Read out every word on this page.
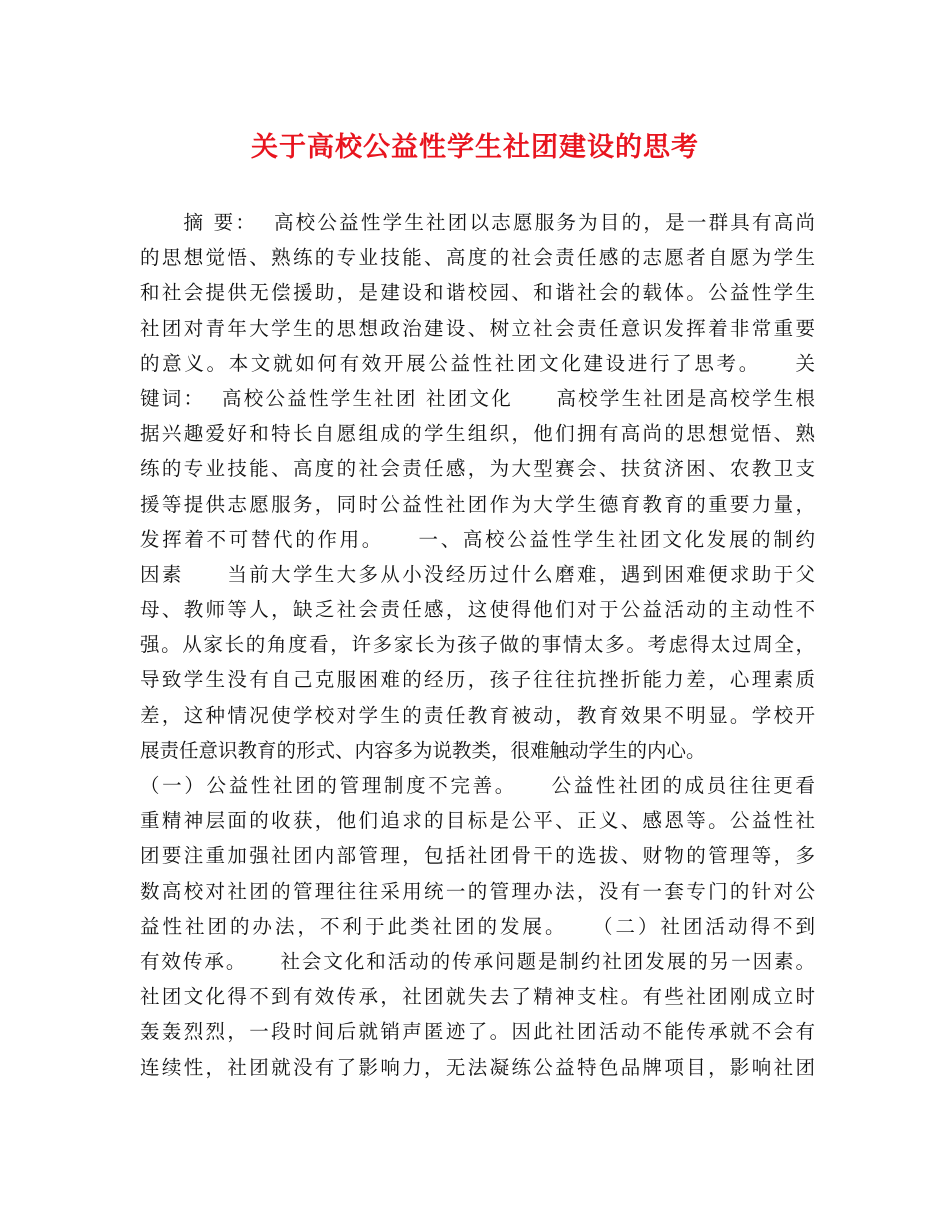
关于高校公益性学生社团建设的思考
　　摘 要：  高校公益性学生社团以志愿服务为目的，是一群具有高尚
的思想觉悟、熟练的专业技能、高度的社会责任感的志愿者自愿为学生
和社会提供无偿援助，是建设和谐校园、和谐社会的载体。公益性学生
社团对青年大学生的思想政治建设、树立社会责任意识发挥着非常重要
的意义。本文就如何有效开展公益性社团文化建设进行了思考。　　关
键词：  高校公益性学生社团 社团文化　　高校学生社团是高校学生根
据兴趣爱好和特长自愿组成的学生组织，他们拥有高尚的思想觉悟、熟
练的专业技能、高度的社会责任感，为大型赛会、扶贫济困、农教卫支
援等提供志愿服务，同时公益性社团作为大学生德育教育的重要力量，
发挥着不可替代的作用。　　一、高校公益性学生社团文化发展的制约
因素　　当前大学生大多从小没经历过什么磨难，遇到困难便求助于父
母、教师等人，缺乏社会责任感，这使得他们对于公益活动的主动性不
强。从家长的角度看，许多家长为孩子做的事情太多。考虑得太过周全，
导致学生没有自己克服困难的经历，孩子往往抗挫折能力差，心理素质
差，这种情况使学校对学生的责任教育被动，教育效果不明显。学校开
展责任意识教育的形式、内容多为说教类，很难触动学生的内心。
（一）公益性社团的管理制度不完善。　　公益性社团的成员往往更看
重精神层面的收获，他们追求的目标是公平、正义、感恩等。公益性社
团要注重加强社团内部管理，包括社团骨干的选拔、财物的管理等，多
数高校对社团的管理往往采用统一的管理办法，没有一套专门的针对公
益性社团的办法，不利于此类社团的发展。　　（二）社团活动得不到
有效传承。　　社会文化和活动的传承问题是制约社团发展的另一因素。
社团文化得不到有效传承，社团就失去了精神支柱。有些社团刚成立时
轰轰烈烈，一段时间后就销声匿迹了。因此社团活动不能传承就不会有
连续性，社团就没有了影响力，无法凝练公益特色品牌项目，影响社团
